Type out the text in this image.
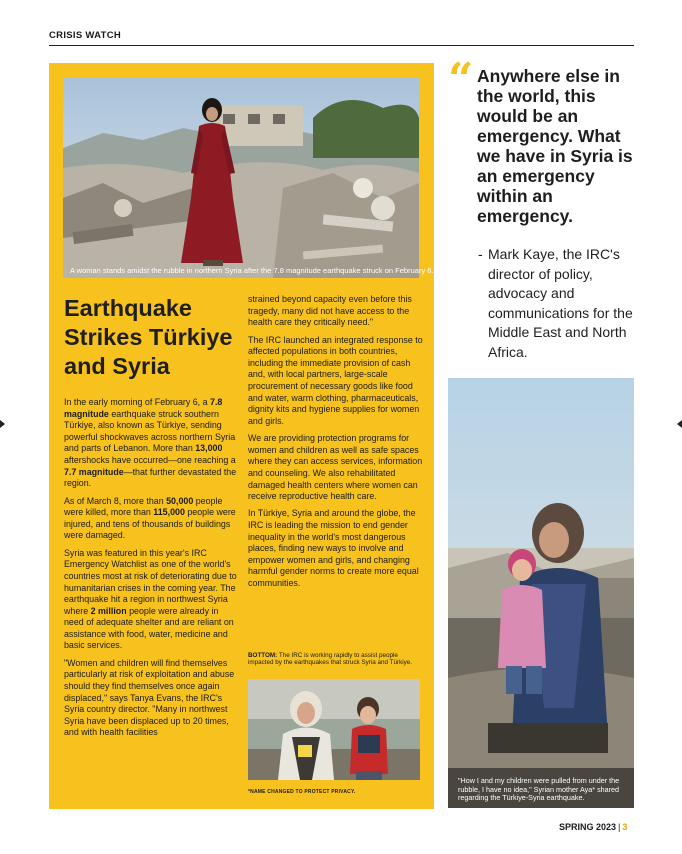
CRISIS WATCH
A woman stands amidst the rubble in northern Syria after the 7.8 magnitude earthquake struck on February 6.
Earthquake Strikes Türkiye and Syria

In the early morning of February 6, a 7.8 magnitude earthquake struck southern Türkiye, also known as Türkiye, sending powerful shockwaves across northern Syria and parts of Lebanon. More than 13,000 aftershocks have occurred—one reaching a 7.7 magnitude—that further devastated the region.

As of March 8, more than 50,000 people were killed, more than 115,000 people were injured, and tens of thousands of buildings were damaged.

Syria was featured in this year's IRC Emergency Watchlist as one of the world's countries most at risk of deteriorating due to humanitarian crises in the coming year. The earthquake hit a region in northwest Syria where 2 million people were already in need of adequate shelter and are reliant on assistance with food, water, medicine and basic services.

"Women and children will find themselves particularly at risk of exploitation and abuse should they find themselves once again displaced," says Tanya Evans, the IRC's Syria country director. "Many in northwest Syria have been displaced up to 20 times, and with health facilities

strained beyond capacity even before this tragedy, many did not have access to the health care they critically need."

The IRC launched an integrated response to affected populations in both countries, including the immediate provision of cash and, with local partners, large-scale procurement of necessary goods like food and water, warm clothing, pharmaceuticals, dignity kits and hygiene supplies for women and girls.

We are providing protection programs for women and children as well as safe spaces where they can access services, information and counseling. We also rehabilitated damaged health centers where women can receive reproductive health care.

In Türkiye, Syria and around the globe, the IRC is leading the mission to end gender inequality in the world's most dangerous places, finding new ways to involve and empower women and girls, and changing harmful gender norms to create more equal communities.

BOTTOM: The IRC is working rapidly to assist people impacted by the earthquakes that struck Syria and Türkiye.
*NAME CHANGED TO PROTECT PRIVACY.
“ Anywhere else in the world, this would be an emergency. What we have in Syria is an emergency within an emergency.
- Mark Kaye, the IRC's director of policy, advocacy and communications for the Middle East and North Africa.
"How I and my children were pulled from under the rubble, I have no idea," Syrian mother Aya* shared regarding the Türkiye-Syria earthquake.
SPRING 2023 | 3
